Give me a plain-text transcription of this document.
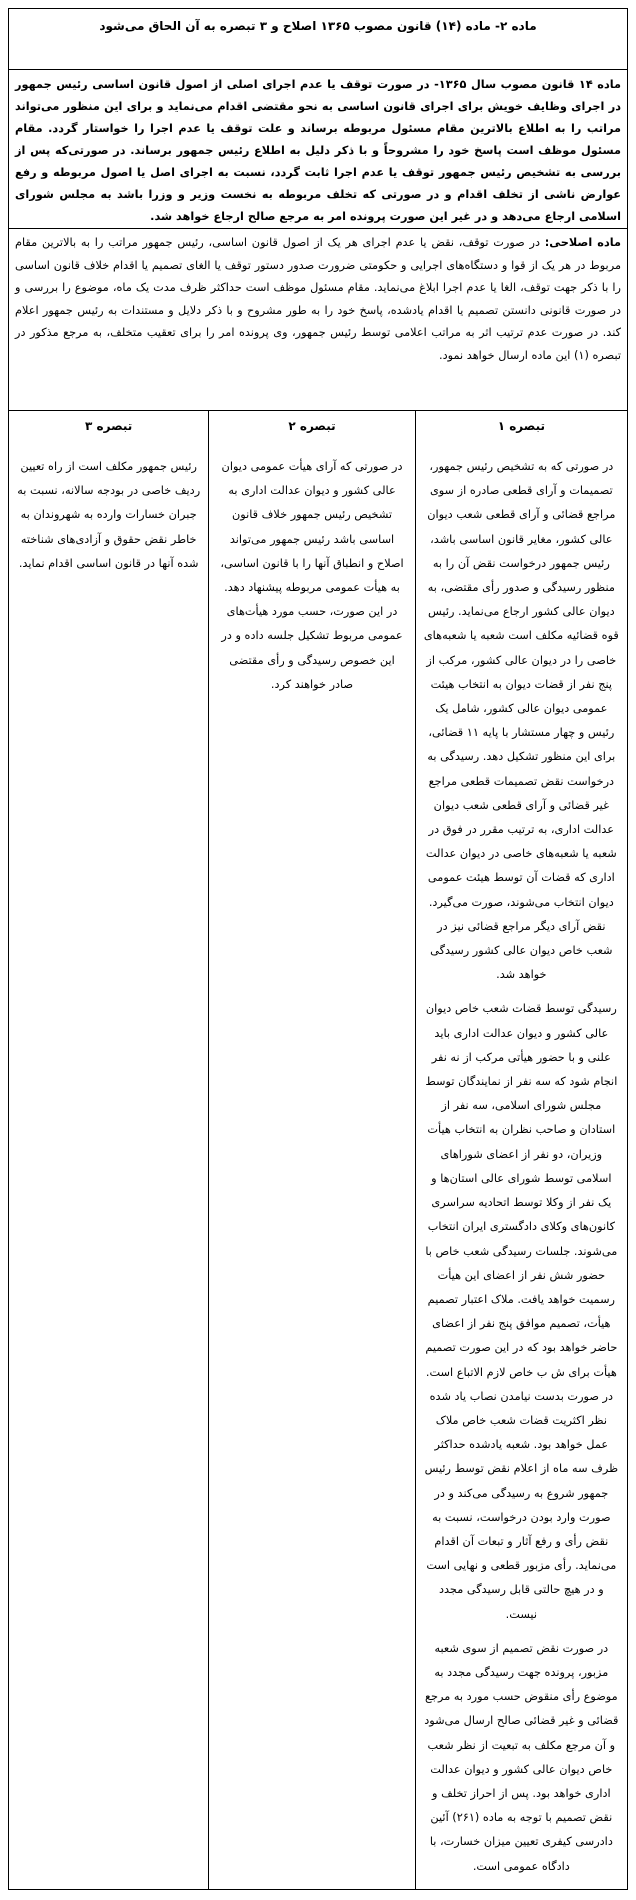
ماده ۲- ماده (۱۴) قانون مصوب ۱۳۶۵ اصلاح و ۳ تبصره به آن الحاق می‌شود
ماده ۱۴ قانون مصوب سال ۱۳۶۵- در صورت توقف یا عدم اجرای اصلی از اصول قانون اساسی رئیس جمهور در اجرای وظایف خویش برای اجرای قانون اساسی به نحو مقتضی اقدام می‌نماید و برای این منظور می‌تواند مراتب را به اطلاع بالاترین مقام مسئول مربوطه برساند و علت توقف یا عدم اجرا را خواستار گردد. مقام مسئول موظف است پاسخ خود را مشروحاً و با ذکر دلیل به اطلاع رئیس جمهور برساند. در صورتی‌که پس از بررسی به تشخیص رئیس جمهور توقف یا عدم اجرا ثابت گردد، نسبت به اجرای اصل یا اصول مربوطه و رفع عوارض ناشی از تخلف اقدام و در صورتی که تخلف مربوطه به نخست وزیر و وزرا باشد به مجلس شورای اسلامی ارجاع می‌دهد و در غیر این صورت پرونده امر به مرجع صالح ارجاع خواهد شد.
ماده اصلاحی: در صورت توقف، نقض یا عدم اجرای هر یک از اصول قانون اساسی، رئیس جمهور مراتب را به بالاترین مقام مربوط در هر یک از قوا و دستگاه‌های اجرایی و حکومتی ضرورت صدور دستور توقف یا الغای تصمیم یا اقدام خلاف قانون اساسی را با ذکر جهت توقف، الغا یا عدم اجرا ابلاغ می‌نماید. مقام مسئول موظف است حداکثر ظرف مدت یک ماه، موضوع را بررسی و در صورت قانونی دانستن تصمیم یا اقدام یادشده، پاسخ خود را به طور مشروح و با ذکر دلایل و مستندات به رئیس جمهور اعلام کند. در صورت عدم ترتیب اثر به مراتب اعلامی توسط رئیس جمهور، وی پرونده امر را برای تعقیب متخلف، به مرجع مذکور در تبصره (۱) این ماده ارسال خواهد نمود.

تبصره ۱

در صورتی که به تشخیص رئیس جمهور، تصمیمات و آرای قطعی صادره از سوی مراجع قضائی و آرای قطعی شعب دیوان عالی کشور، مغایر قانون اساسی باشد، رئیس جمهور درخواست نقض آن را به منظور رسیدگی و صدور رأی مقتضی، به دیوان عالی کشور ارجاع می‌نماید. رئیس قوه قضائیه مکلف است شعبه یا شعبه‌های خاصی را در دیوان عالی کشور، مرکب از پنج نفر از قضات دیوان به انتخاب هیئت عمومی دیوان عالی کشور، شامل یک رئیس و چهار مستشار با پایه ۱۱ قضائی، برای این منظور تشکیل دهد. رسیدگی به درخواست نقض تصمیمات قطعی مراجع غیر قضائی و آرای قطعی شعب دیوان عدالت اداری، به ترتیب مقرر در فوق در شعبه یا شعبه‌های خاصی در دیوان عدالت اداری که قضات آن توسط هیئت عمومی دیوان انتخاب می‌شوند، صورت می‌گیرد. نقض آرای دیگر مراجع قضائی نیز در شعب خاص دیوان عالی کشور رسیدگی خواهد شد.

رسیدگی توسط قضات شعب خاص دیوان عالی کشور و دیوان عدالت اداری باید علنی و با حضور هیأتی مرکب از نه نفر انجام شود که سه نفر از نمایندگان توسط مجلس شورای اسلامی، سه نفر از استادان و صاحب نظران به انتخاب هیأت وزیران، دو نفر از اعضای شوراهای اسلامی توسط شورای عالی استان‌ها و یک نفر از وکلا توسط اتحادیه سراسری کانون‌های وکلای دادگستری ایران انتخاب می‌شوند. جلسات رسیدگی شعب خاص با حضور شش نفر از اعضای این هیأت رسمیت خواهد یافت. ملاک اعتبار تصمیم هیأت، تصمیم موافق پنج نفر از اعضای حاضر خواهد بود که در این صورت تصمیم هیأت برای ش ب خاص لازم الاتباع است. در صورت بدست نیامدن نصاب یاد شده نظر اکثریت قضات شعب خاص ملاک عمل خواهد بود. شعبه یادشده حداکثر ظرف سه ماه از اعلام نقض توسط رئیس جمهور شروع به رسیدگی می‌کند و در صورت وارد بودن درخواست، نسبت به نقض رأی و رفع آثار و تبعات آن اقدام می‌نماید. رأی مزبور قطعی و نهایی است و در هیچ حالتی قابل رسیدگی مجدد نیست.

در صورت نقض تصمیم از سوی شعبه مزبور، پرونده جهت رسیدگی مجدد به موضوع رأی منقوض حسب مورد به مرجع قضائی و غیر قضائی صالح ارسال می‌شود و آن مرجع مکلف به تبعیت از نظر شعب خاص دیوان عالی کشور و دیوان عدالت اداری خواهد بود. پس از احراز تخلف و نقض تصمیم با توجه به ماده (۲۶۱) آئین دادرسی کیفری تعیین میزان خسارت، با دادگاه عمومی است.

تبصره ۲

در صورتی که آرای هیأت عمومی دیوان عالی کشور و دیوان عدالت اداری به تشخیص رئیس جمهور خلاف قانون اساسی باشد رئیس جمهور می‌تواند اصلاح و انطباق آنها را با قانون اساسی، به هیأت عمومی مربوطه پیشنهاد دهد. در این صورت، حسب مورد هیأت‌های عمومی مربوط تشکیل جلسه داده و در این خصوص رسیدگی و رأی مقتضی صادر خواهند کرد.

تبصره ۳

رئیس جمهور مکلف است از راه تعیین ردیف خاصی در بودجه سالانه، نسبت به جبران خسارات وارده به شهروندان به خاطر نقض حقوق و آزادی‌های شناخته شده آنها در قانون اساسی اقدام نماید.
